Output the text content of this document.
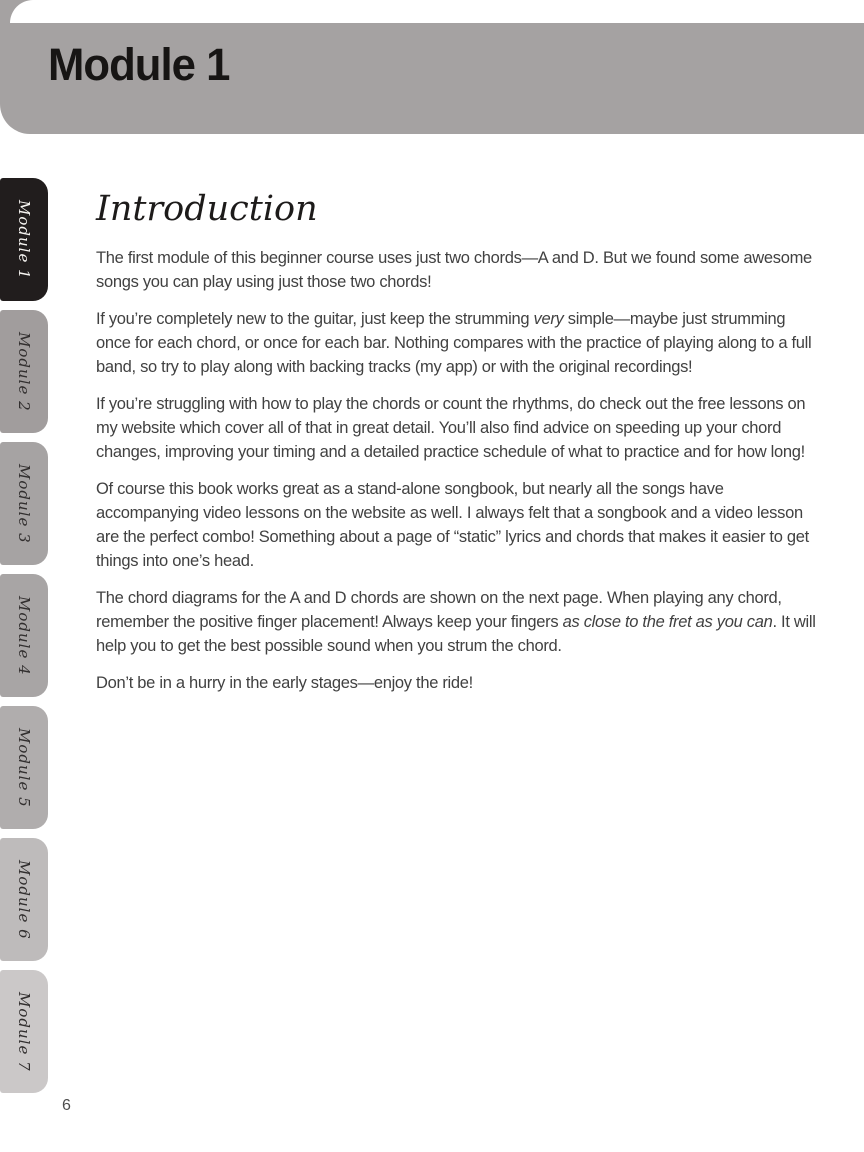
Module 1
Module 1
Module 2
Module 3
Module 4
Module 5
Module 6
Module 7
Introduction

The first module of this beginner course uses just two chords—A and D. But we found some awesome songs you can play using just those two chords!

If you’re completely new to the guitar, just keep the strumming very simple—maybe just strumming once for each chord, or once for each bar. Nothing compares with the practice of playing along to a full band, so try to play along with backing tracks (my app) or with the original recordings!

If you’re struggling with how to play the chords or count the rhythms, do check out the free lessons on my website which cover all of that in great detail. You’ll also find advice on speeding up your chord changes, improving your timing and a detailed practice schedule of what to practice and for how long!

Of course this book works great as a stand-alone songbook, but nearly all the songs have accompanying video lessons on the website as well. I always felt that a songbook and a video lesson are the perfect combo! Something about a page of “static” lyrics and chords that makes it easier to get things into one’s head.

The chord diagrams for the A and D chords are shown on the next page. When playing any chord, remember the positive finger placement! Always keep your fingers as close to the fret as you can. It will help you to get the best possible sound when you strum the chord.

Don’t be in a hurry in the early stages—enjoy the ride!

6
